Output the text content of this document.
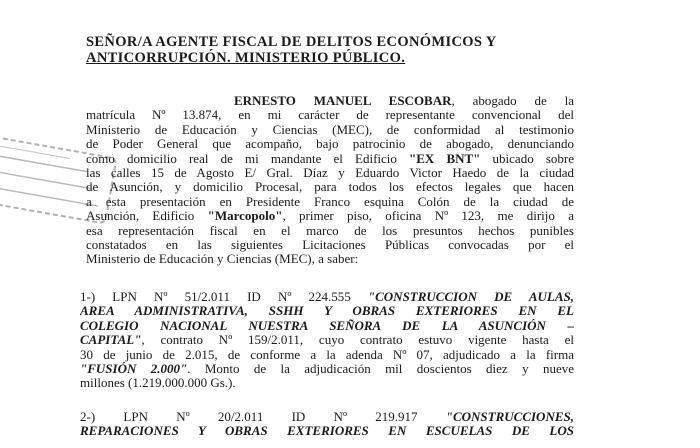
SEÑOR/A AGENTE FISCAL DE DELITOS ECONÓMICOS Y
ANTICORRUPCIÓN. MINISTERIO PÚBLICO.
ERNESTO MANUEL ESCOBAR, abogado de la
matrícula Nº 13.874, en mi carácter de representante convencional del
Ministerio de Educación y Ciencias (MEC), de conformidad al testimonio
de Poder General que acompaño, bajo patrocinio de abogado, denunciando
como domicilio real de mi mandante el Edificio "EX BNT" ubicado sobre
las calles 15 de Agosto E/ Gral. Díaz y Eduardo Victor Haedo de la ciudad
de Asunción, y domicilio Procesal, para todos los efectos legales que hacen
a esta presentación en Presidente Franco esquina Colón de la ciudad de
Asunción, Edificio "Marcopolo", primer piso, oficina Nº 123, me dirijo a
esa representación fiscal en el marco de los presuntos hechos punibles
constatados en las siguientes Licitaciones Públicas convocadas por el
Ministerio de Educación y Ciencias (MEC), a saber:
1-) LPN Nº 51/2.011 ID Nº 224.555 "CONSTRUCCION DE AULAS,
AREA ADMINISTRATIVA, SSHH Y OBRAS EXTERIORES EN EL
COLEGIO NACIONAL NUESTRA SEÑORA DE LA ASUNCIÓN –
CAPITAL", contrato Nº 159/2.011, cuyo contrato estuvo vigente hasta el
30 de junio de 2.015, de conforme a la adenda Nº 07, adjudicado a la firma
"FUSIÓN 2.000". Monto de la adjudicación mil doscientos diez y nueve
millones (1.219.000.000 Gs.).
2-) LPN Nº 20/2.011 ID Nº 219.917 "CONSTRUCCIONES,
REPARACIONES Y OBRAS EXTERIORES EN ESCUELAS DE LOS
